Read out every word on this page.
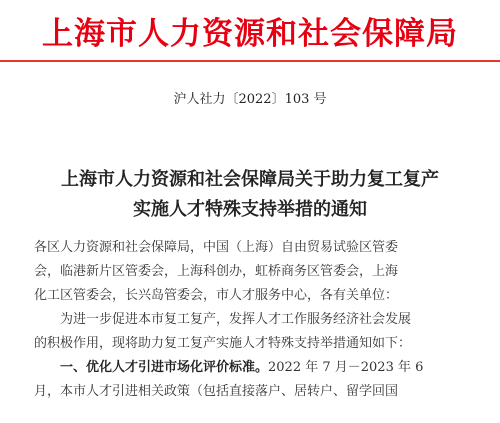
上海市人力资源和社会保障局
沪人社力〔2022〕103 号
上海市人力资源和社会保障局关于助力复工复产
实施人才特殊支持举措的通知
各区人力资源和社会保障局，中国（上海）自由贸易试验区管委
会，临港新片区管委会，上海科创办，虹桥商务区管委会，上海
化工区管委会，长兴岛管委会，市人才服务中心，各有关单位：
为进一步促进本市复工复产，发挥人才工作服务经济社会发展
的积极作用，现将助力复工复产实施人才特殊支持举措通知如下：
一、优化人才引进市场化评价标准。2022 年 7 月－2023 年 6
月，本市人才引进相关政策（包括直接落户、居转户、留学回国
